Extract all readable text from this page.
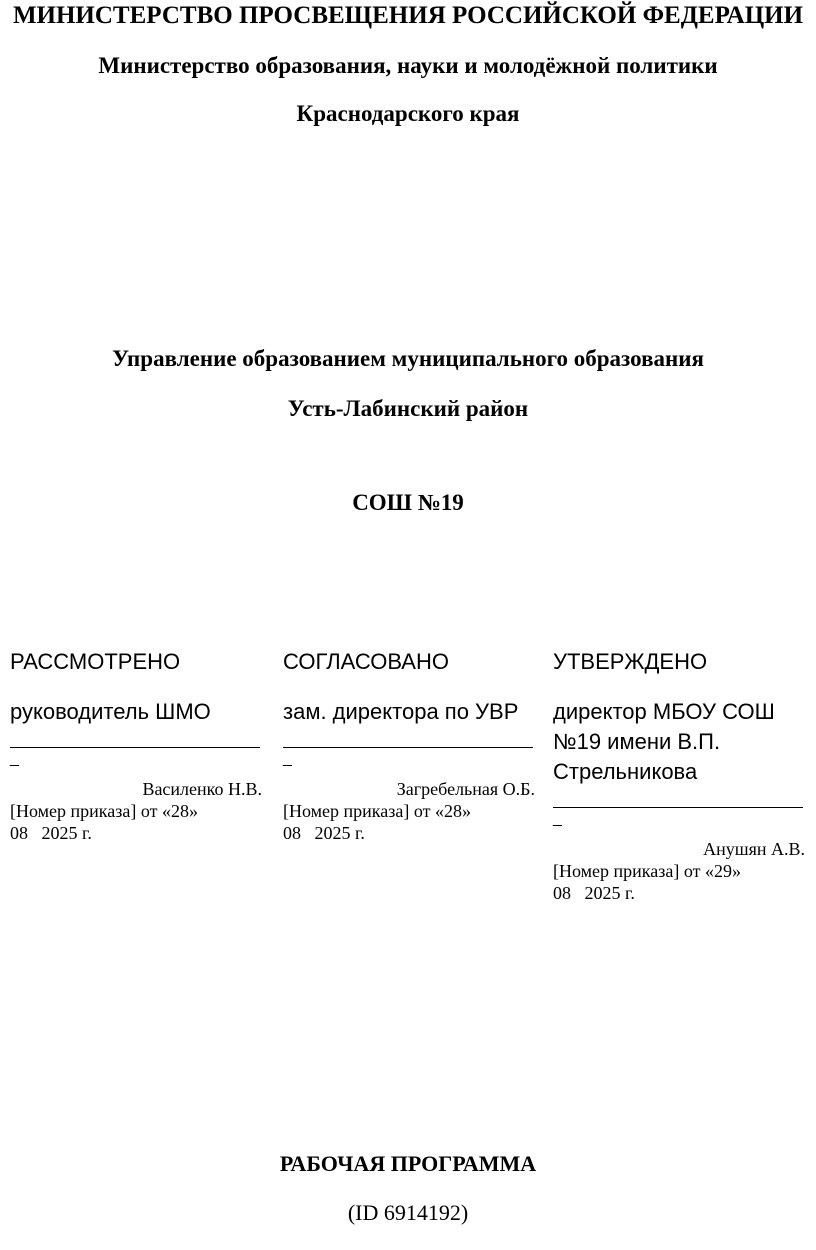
МИНИСТЕРСТВО ПРОСВЕЩЕНИЯ РОССИЙСКОЙ ФЕДЕРАЦИИ
Министерство образования, науки и молодёжной политики
Краснодарского края
Управление образованием муниципального образования
Усть-Лабинский район
СОШ №19
РАССМОТРЕНО
руководитель ШМО
_
Василенко Н.В.
[Номер приказа] от «28»
08   2025 г.
СОГЛАСОВАНО
зам. директора по УВР
_
Загребельная О.Б.
[Номер приказа] от «28»
08   2025 г.
УТВЕРЖДЕНО
директор МБОУ СОШ №19 имени В.П. Стрельникова
_
Анушян А.В.
[Номер приказа] от «29»
08   2025 г.
РАБОЧАЯ ПРОГРАММА
(ID 6914192)
